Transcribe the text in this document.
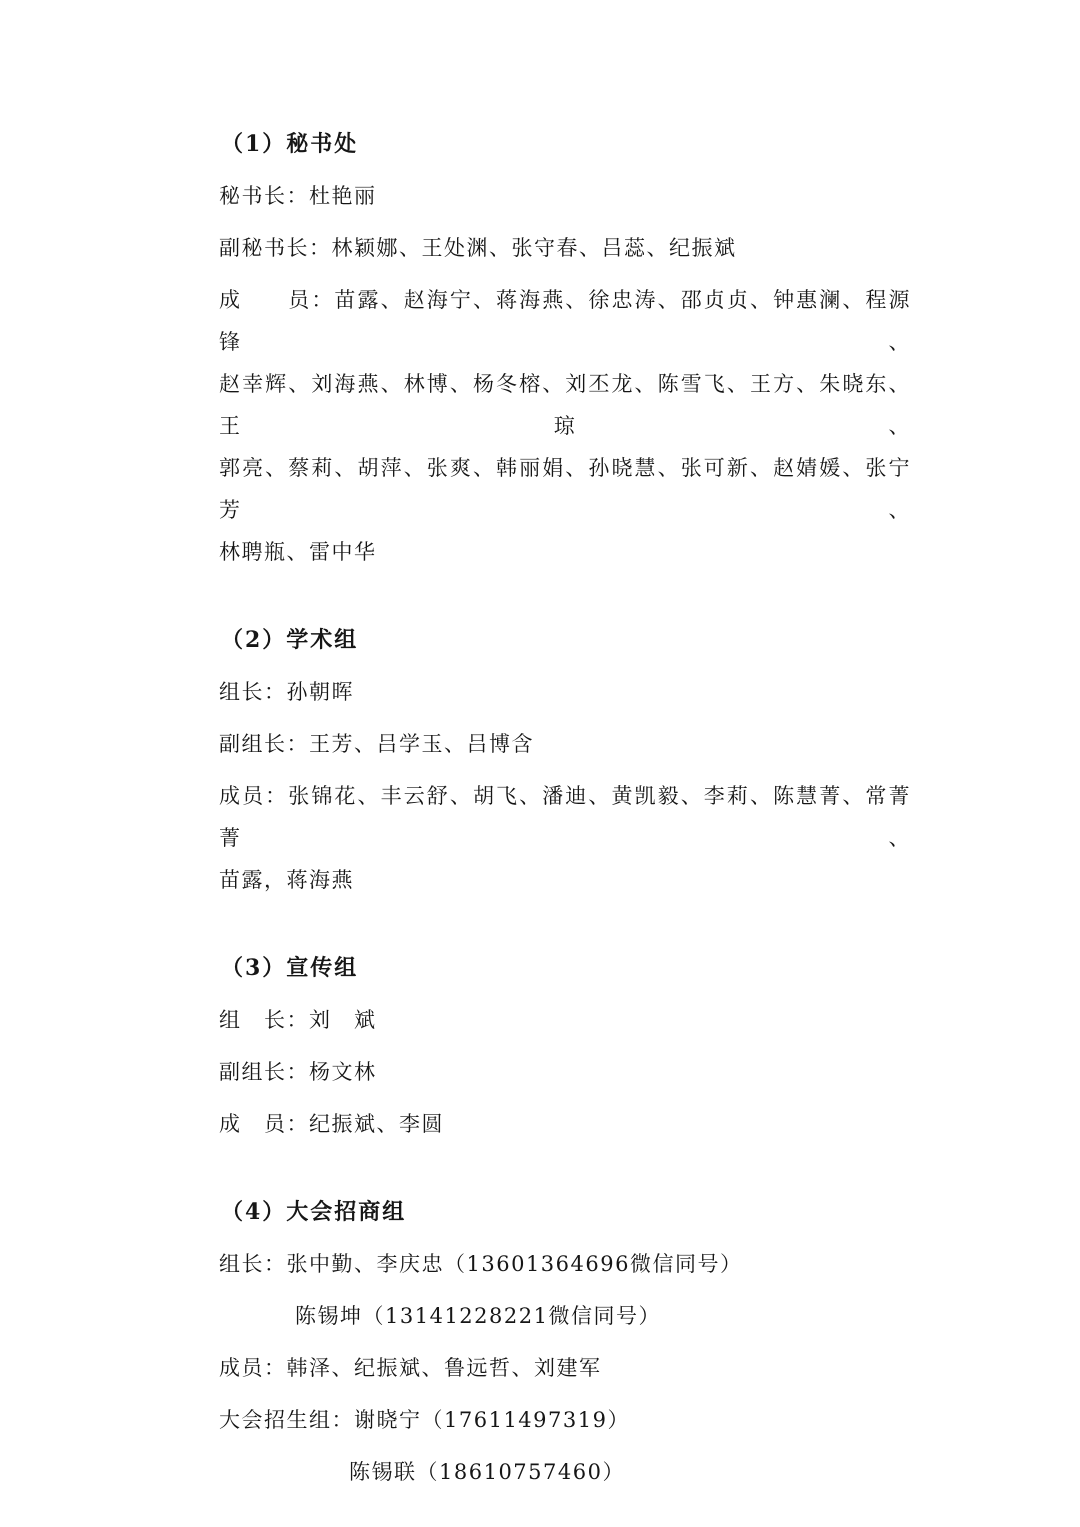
（1）秘书处
秘书长：杜艳丽
副秘书长：林颖娜、王处渊、张守春、吕蕊、纪振斌
成　　员：苗露、赵海宁、蒋海燕、徐忠涛、邵贞贞、钟惠澜、程源锋、
赵幸辉、刘海燕、林博、杨冬榕、刘丕龙、陈雪飞、王方、朱晓东、王琼、
郭亮、蔡莉、胡萍、张爽、韩丽娟、孙晓慧、张可新、赵婧媛、张宁芳、
林聘瓶、雷中华
（2）学术组
组长：孙朝晖
副组长：王芳、吕学玉、吕博含
成员：张锦花、丰云舒、胡飞、潘迪、黄凯毅、李莉、陈慧菁、常菁菁、
苗露，蒋海燕
（3）宣传组
组　长：刘　斌
副组长：杨文林
成　员：纪振斌、李圆
（4）大会招商组
组长：张中勤、李庆忠（13601364696微信同号）
陈锡坤（13141228221微信同号）
成员：韩泽、纪振斌、鲁远哲、刘建军
大会招生组：谢晓宁（17611497319）
陈锡联（18610757460）
